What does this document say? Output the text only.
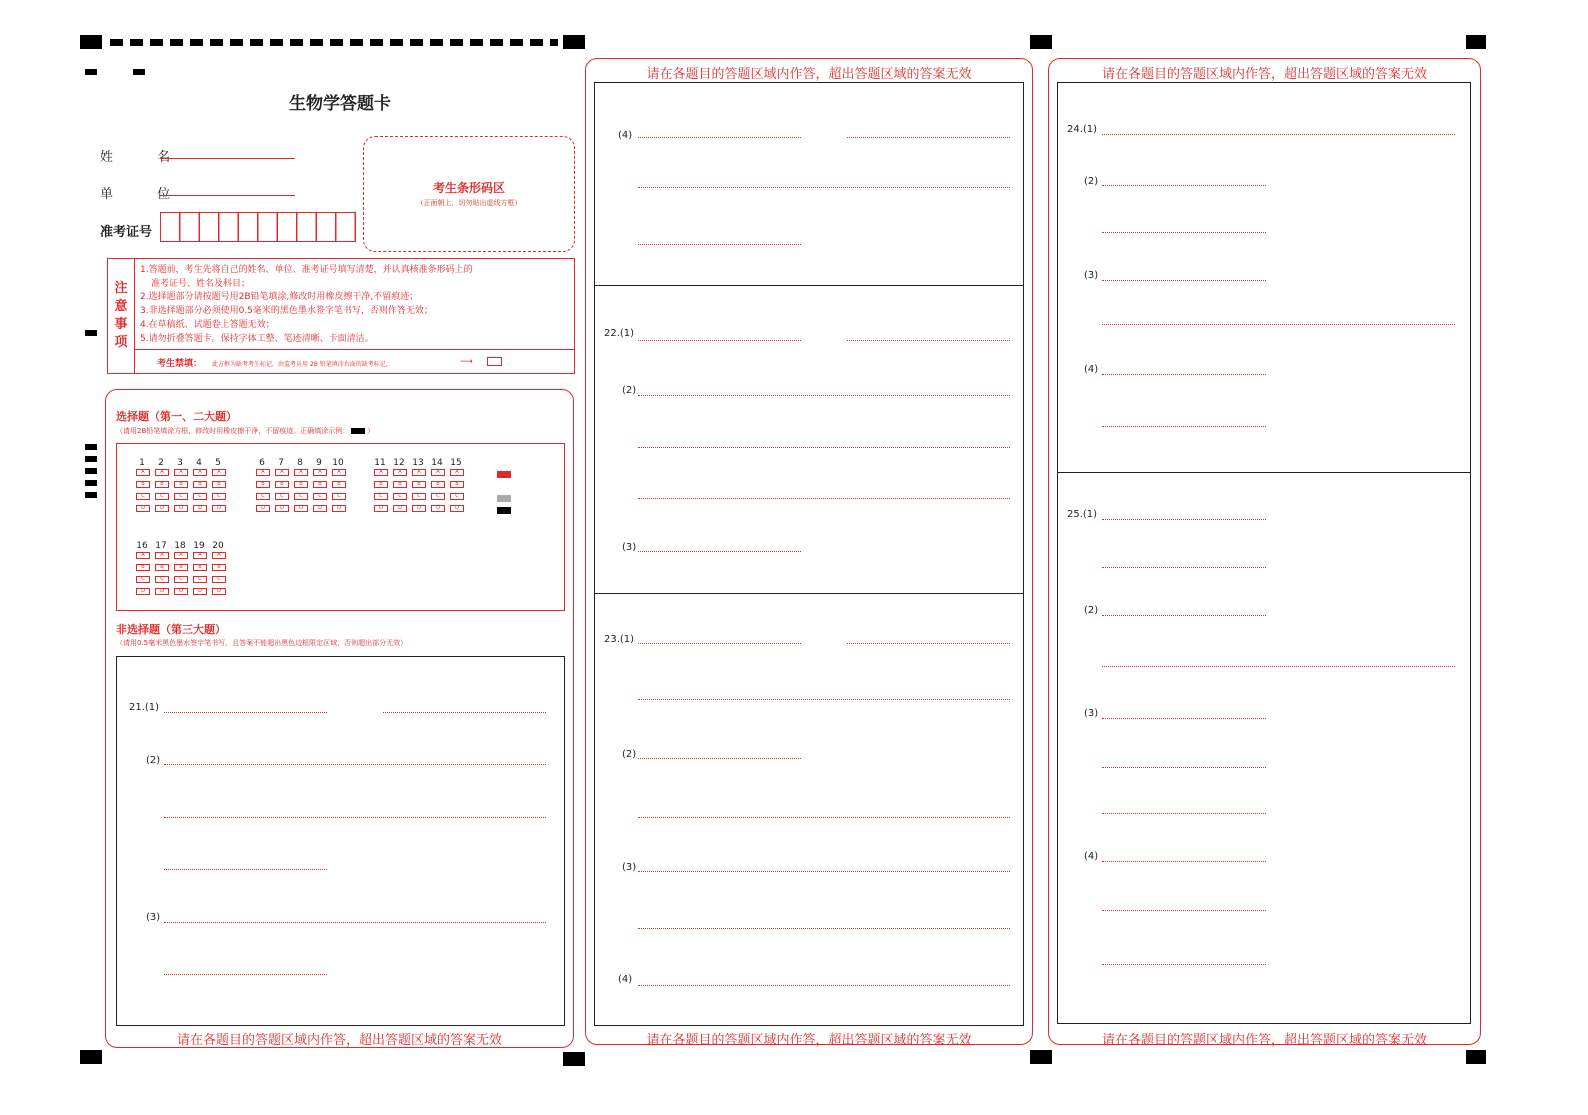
生物学答题卡
姓 名
单 位
准考证号
考生条形码区
（正面朝上，切勿贴出虚线方框）
注
意
事
项
1.答题前，考生先将自己的姓名、单位、准考证号填写清楚，并认真核准条形码上的
准考证号、姓名及科目；
2.选择题部分请按题号用2B铅笔填涂,修改时用橡皮擦干净,不留痕迹；
3.非选择题部分必须使用0.5毫米的黑色墨水签字笔书写，否则作答无效；
4.在草稿纸、试题卷上答题无效；
5.请勿折叠答题卡。保持字体工整、笔迹清晰、卡面清洁。
考生禁填： 此方框为缺考考生标记，由监考员用 2B 铅笔填涂右面的缺考标记。	⟶
选择题（第一、二大题）
（请用2B铅笔填涂方框，修改时用橡皮擦干净，不留痕迹。正确填涂示例：	）
1
A
B
C
D
2
A
B
C
D
3
A
B
C
D
4
A
B
C
D
5
A
B
C
D
6
A
B
C
D
7
A
B
C
D
8
A
B
C
D
9
A
B
C
D
10
A
B
C
D
11
A
B
C
D
12
A
B
C
D
13
A
B
C
D
14
A
B
C
D
15
A
B
C
D
16
A
B
C
D
17
A
B
C
D
18
A
B
C
D
19
A
B
C
D
20
A
B
C
D
非选择题（第三大题）
（请用0.5毫米黑色墨水签字笔书写，且答案不能超出黑色边框限定区域，否则超出部分无效）
21.(1)
(2)
(3)
请在各题目的答题区域内作答，超出答题区域的答案无效
请在各题目的答题区域内作答，超出答题区域的答案无效
(4)
22.(1)
(2)
(3)
23.(1)
(2)
(3)
(4)
请在各题目的答题区域内作答，超出答题区域的答案无效
请在各题目的答题区域内作答，超出答题区域的答案无效
24.(1)
(2)
(3)
(4)
25.(1)
(2)
(3)
(4)
请在各题目的答题区域内作答，超出答题区域的答案无效
